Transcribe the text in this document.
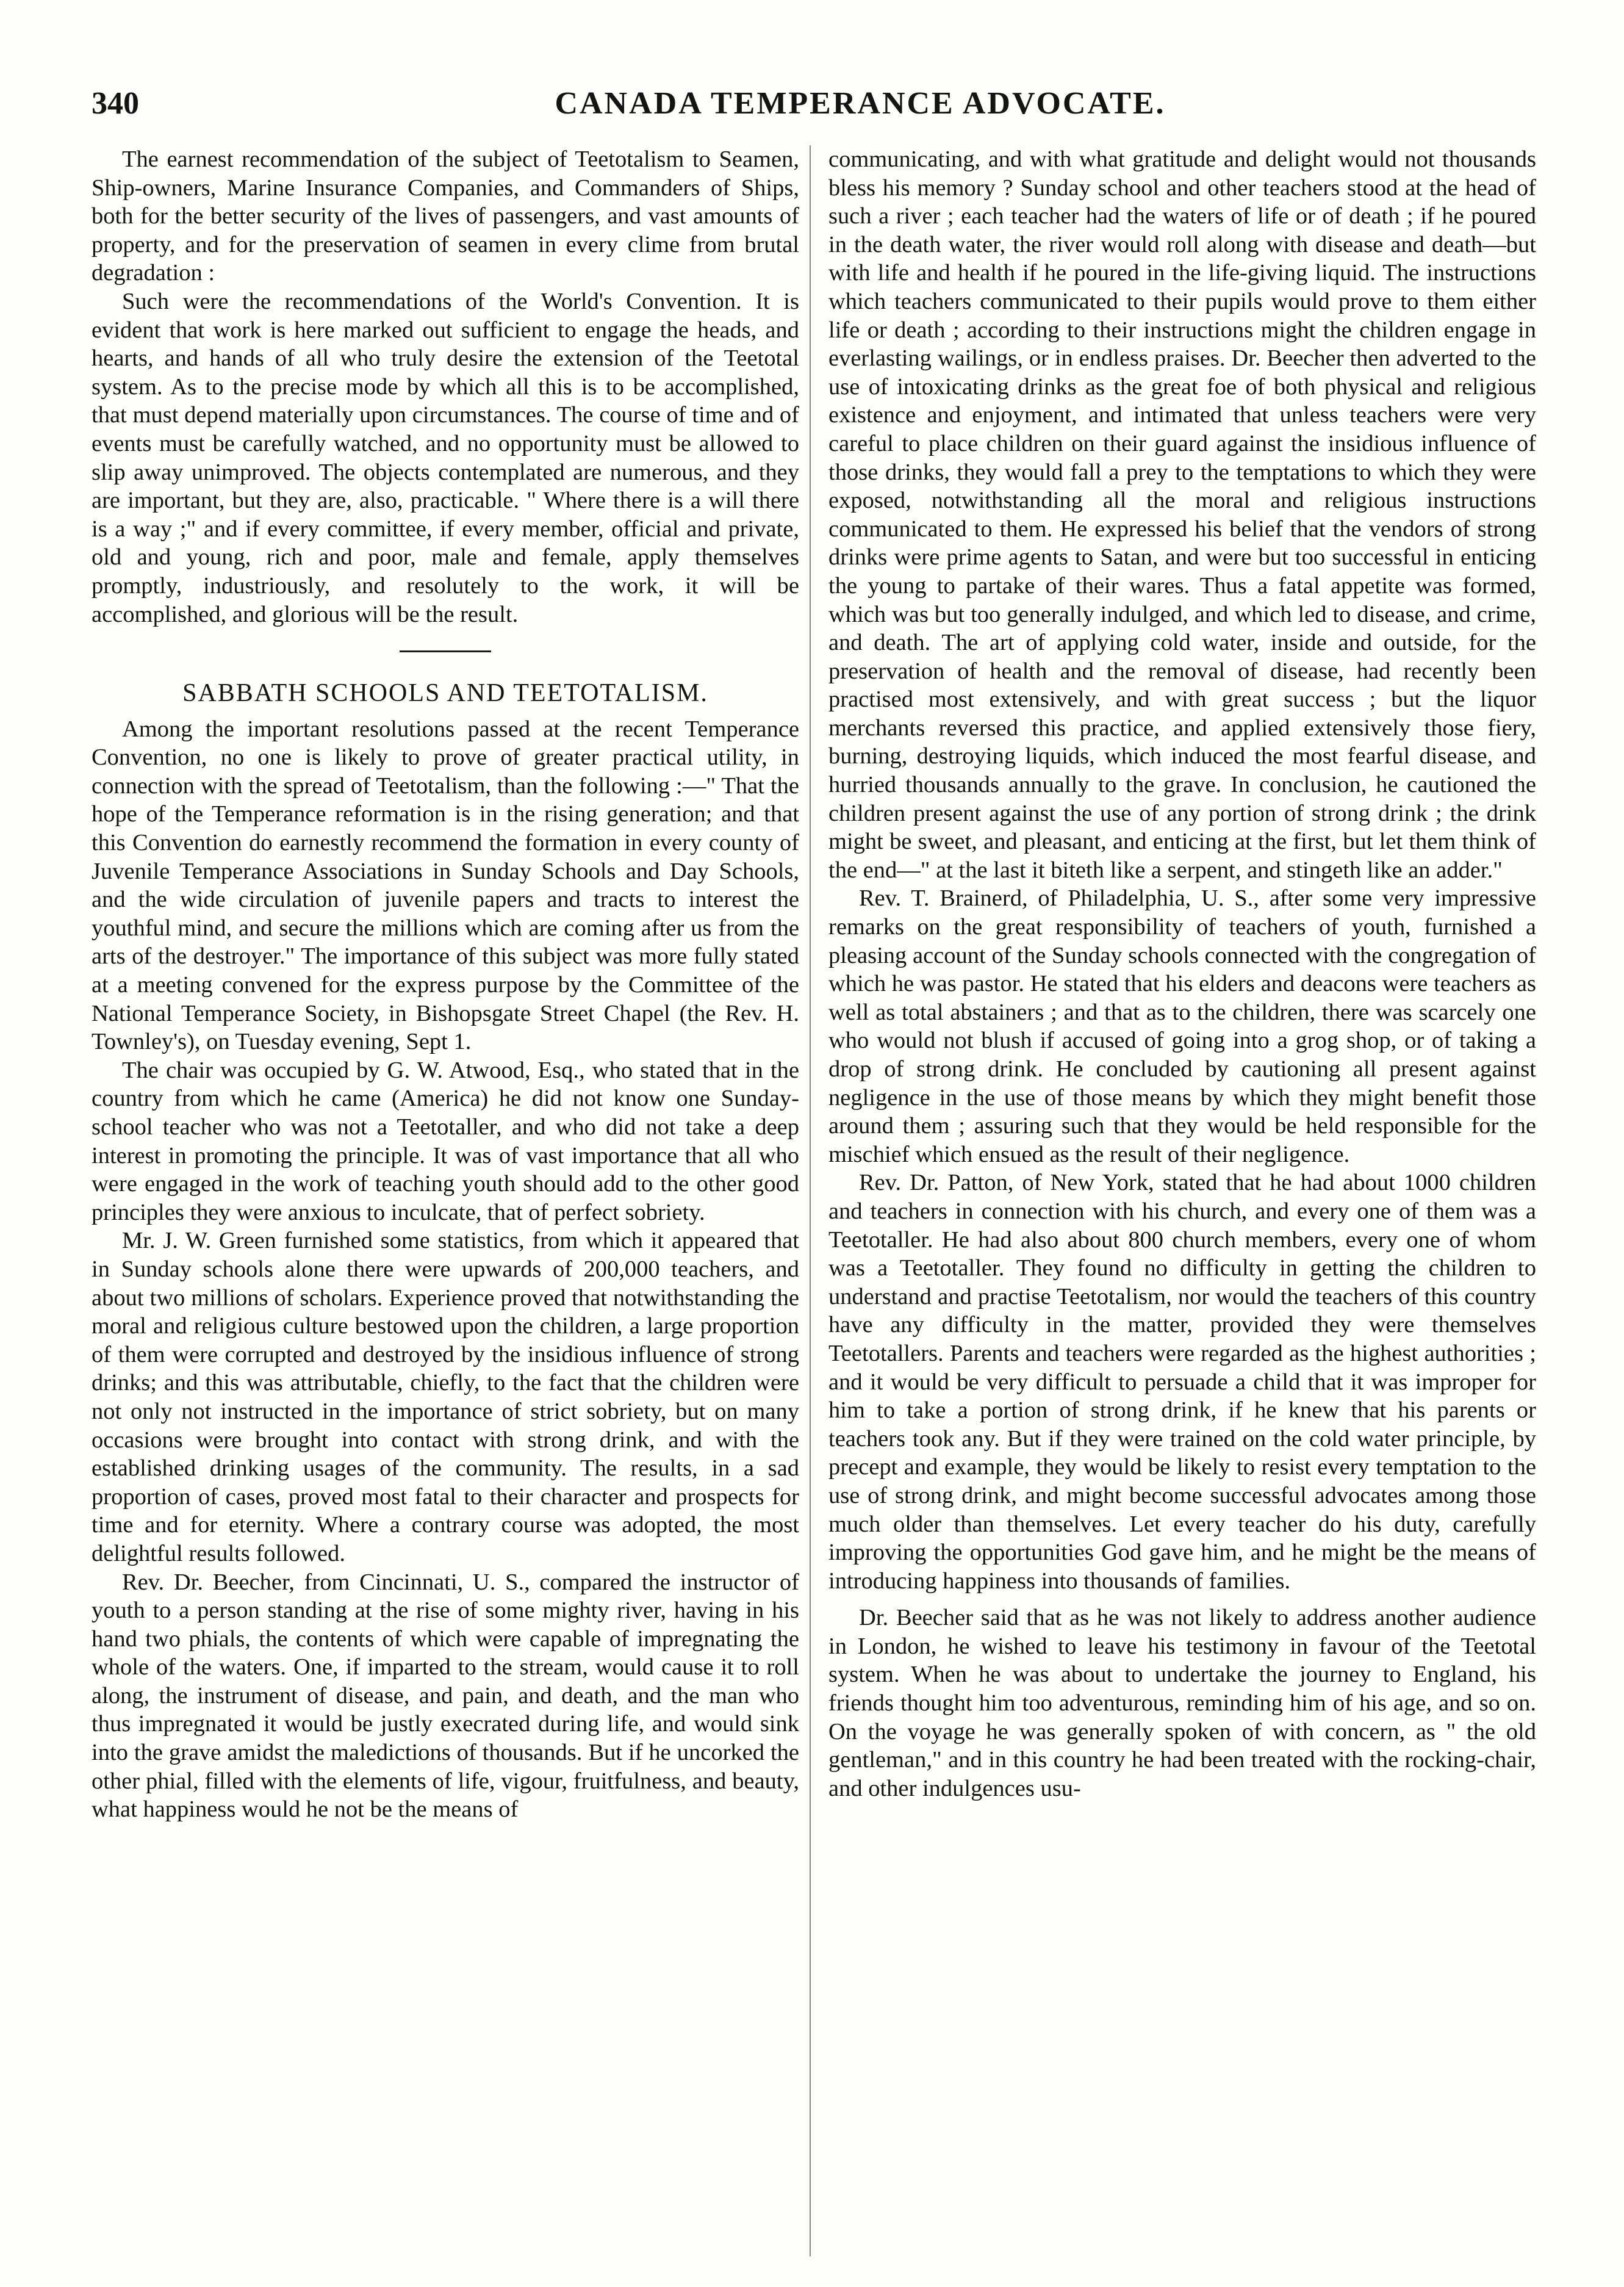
340	CANADA TEMPERANCE ADVOCATE.

The earnest recommendation of the subject of Teetotalism to Seamen, Ship-owners, Marine Insurance Companies, and Commanders of Ships, both for the better security of the lives of passengers, and vast amounts of property, and for the preservation of seamen in every clime from brutal degradation :

Such were the recommendations of the World's Convention. It is evident that work is here marked out sufficient to engage the heads, and hearts, and hands of all who truly desire the extension of the Teetotal system. As to the precise mode by which all this is to be accomplished, that must depend materially upon circumstances. The course of time and of events must be carefully watched, and no opportunity must be allowed to slip away unimproved. The objects contemplated are numerous, and they are important, but they are, also, practicable. " Where there is a will there is a way ;" and if every committee, if every member, official and private, old and young, rich and poor, male and female, apply themselves promptly, industriously, and resolutely to the work, it will be accomplished, and glorious will be the result.

SABBATH SCHOOLS AND TEETOTALISM.

Among the important resolutions passed at the recent Temperance Convention, no one is likely to prove of greater practical utility, in connection with the spread of Teetotalism, than the following :—" That the hope of the Temperance reformation is in the rising generation; and that this Convention do earnestly recommend the formation in every county of Juvenile Temperance Associations in Sunday Schools and Day Schools, and the wide circulation of juvenile papers and tracts to interest the youthful mind, and secure the millions which are coming after us from the arts of the destroyer." The importance of this subject was more fully stated at a meeting convened for the express purpose by the Committee of the National Temperance Society, in Bishopsgate Street Chapel (the Rev. H. Townley's), on Tuesday evening, Sept 1.

The chair was occupied by G. W. Atwood, Esq., who stated that in the country from which he came (America) he did not know one Sunday-school teacher who was not a Teetotaller, and who did not take a deep interest in promoting the principle. It was of vast importance that all who were engaged in the work of teaching youth should add to the other good principles they were anxious to inculcate, that of perfect sobriety.

Mr. J. W. Green furnished some statistics, from which it appeared that in Sunday schools alone there were upwards of 200,000 teachers, and about two millions of scholars. Experience proved that notwithstanding the moral and religious culture bestowed upon the children, a large proportion of them were corrupted and destroyed by the insidious influence of strong drinks; and this was attributable, chiefly, to the fact that the children were not only not instructed in the importance of strict sobriety, but on many occasions were brought into contact with strong drink, and with the established drinking usages of the community. The results, in a sad proportion of cases, proved most fatal to their character and prospects for time and for eternity. Where a contrary course was adopted, the most delightful results followed.

Rev. Dr. Beecher, from Cincinnati, U. S., compared the instructor of youth to a person standing at the rise of some mighty river, having in his hand two phials, the contents of which were capable of impregnating the whole of the waters. One, if imparted to the stream, would cause it to roll along, the instrument of disease, and pain, and death, and the man who thus impregnated it would be justly execrated during life, and would sink into the grave amidst the maledictions of thousands. But if he uncorked the other phial, filled with the elements of life, vigour, fruitfulness, and beauty, what happiness would he not be the means of

communicating, and with what gratitude and delight would not thousands bless his memory ? Sunday school and other teachers stood at the head of such a river ; each teacher had the waters of life or of death ; if he poured in the death water, the river would roll along with disease and death—but with life and health if he poured in the life-giving liquid. The instructions which teachers communicated to their pupils would prove to them either life or death ; according to their instructions might the children engage in everlasting wailings, or in endless praises. Dr. Beecher then adverted to the use of intoxicating drinks as the great foe of both physical and religious existence and enjoyment, and intimated that unless teachers were very careful to place children on their guard against the insidious influence of those drinks, they would fall a prey to the temptations to which they were exposed, notwithstanding all the moral and religious instructions communicated to them. He expressed his belief that the vendors of strong drinks were prime agents to Satan, and were but too successful in enticing the young to partake of their wares. Thus a fatal appetite was formed, which was but too generally indulged, and which led to disease, and crime, and death. The art of applying cold water, inside and outside, for the preservation of health and the removal of disease, had recently been practised most extensively, and with great success ; but the liquor merchants reversed this practice, and applied extensively those fiery, burning, destroying liquids, which induced the most fearful disease, and hurried thousands annually to the grave. In conclusion, he cautioned the children present against the use of any portion of strong drink ; the drink might be sweet, and pleasant, and enticing at the first, but let them think of the end—" at the last it biteth like a serpent, and stingeth like an adder."

Rev. T. Brainerd, of Philadelphia, U. S., after some very impressive remarks on the great responsibility of teachers of youth, furnished a pleasing account of the Sunday schools connected with the congregation of which he was pastor. He stated that his elders and deacons were teachers as well as total abstainers ; and that as to the children, there was scarcely one who would not blush if accused of going into a grog shop, or of taking a drop of strong drink. He concluded by cautioning all present against negligence in the use of those means by which they might benefit those around them ; assuring such that they would be held responsible for the mischief which ensued as the result of their negligence.

Rev. Dr. Patton, of New York, stated that he had about 1000 children and teachers in connection with his church, and every one of them was a Teetotaller. He had also about 800 church members, every one of whom was a Teetotaller. They found no difficulty in getting the children to understand and practise Teetotalism, nor would the teachers of this country have any difficulty in the matter, provided they were themselves Teetotallers. Parents and teachers were regarded as the highest authorities ; and it would be very difficult to persuade a child that it was improper for him to take a portion of strong drink, if he knew that his parents or teachers took any. But if they were trained on the cold water principle, by precept and example, they would be likely to resist every temptation to the use of strong drink, and might become successful advocates among those much older than themselves. Let every teacher do his duty, carefully improving the opportunities God gave him, and he might be the means of introducing happiness into thousands of families.

Dr. Beecher said that as he was not likely to address another audience in London, he wished to leave his testimony in favour of the Teetotal system. When he was about to undertake the journey to England, his friends thought him too adventurous, reminding him of his age, and so on. On the voyage he was generally spoken of with concern, as " the old gentleman," and in this country he had been treated with the rocking-chair, and other indulgences usu-
